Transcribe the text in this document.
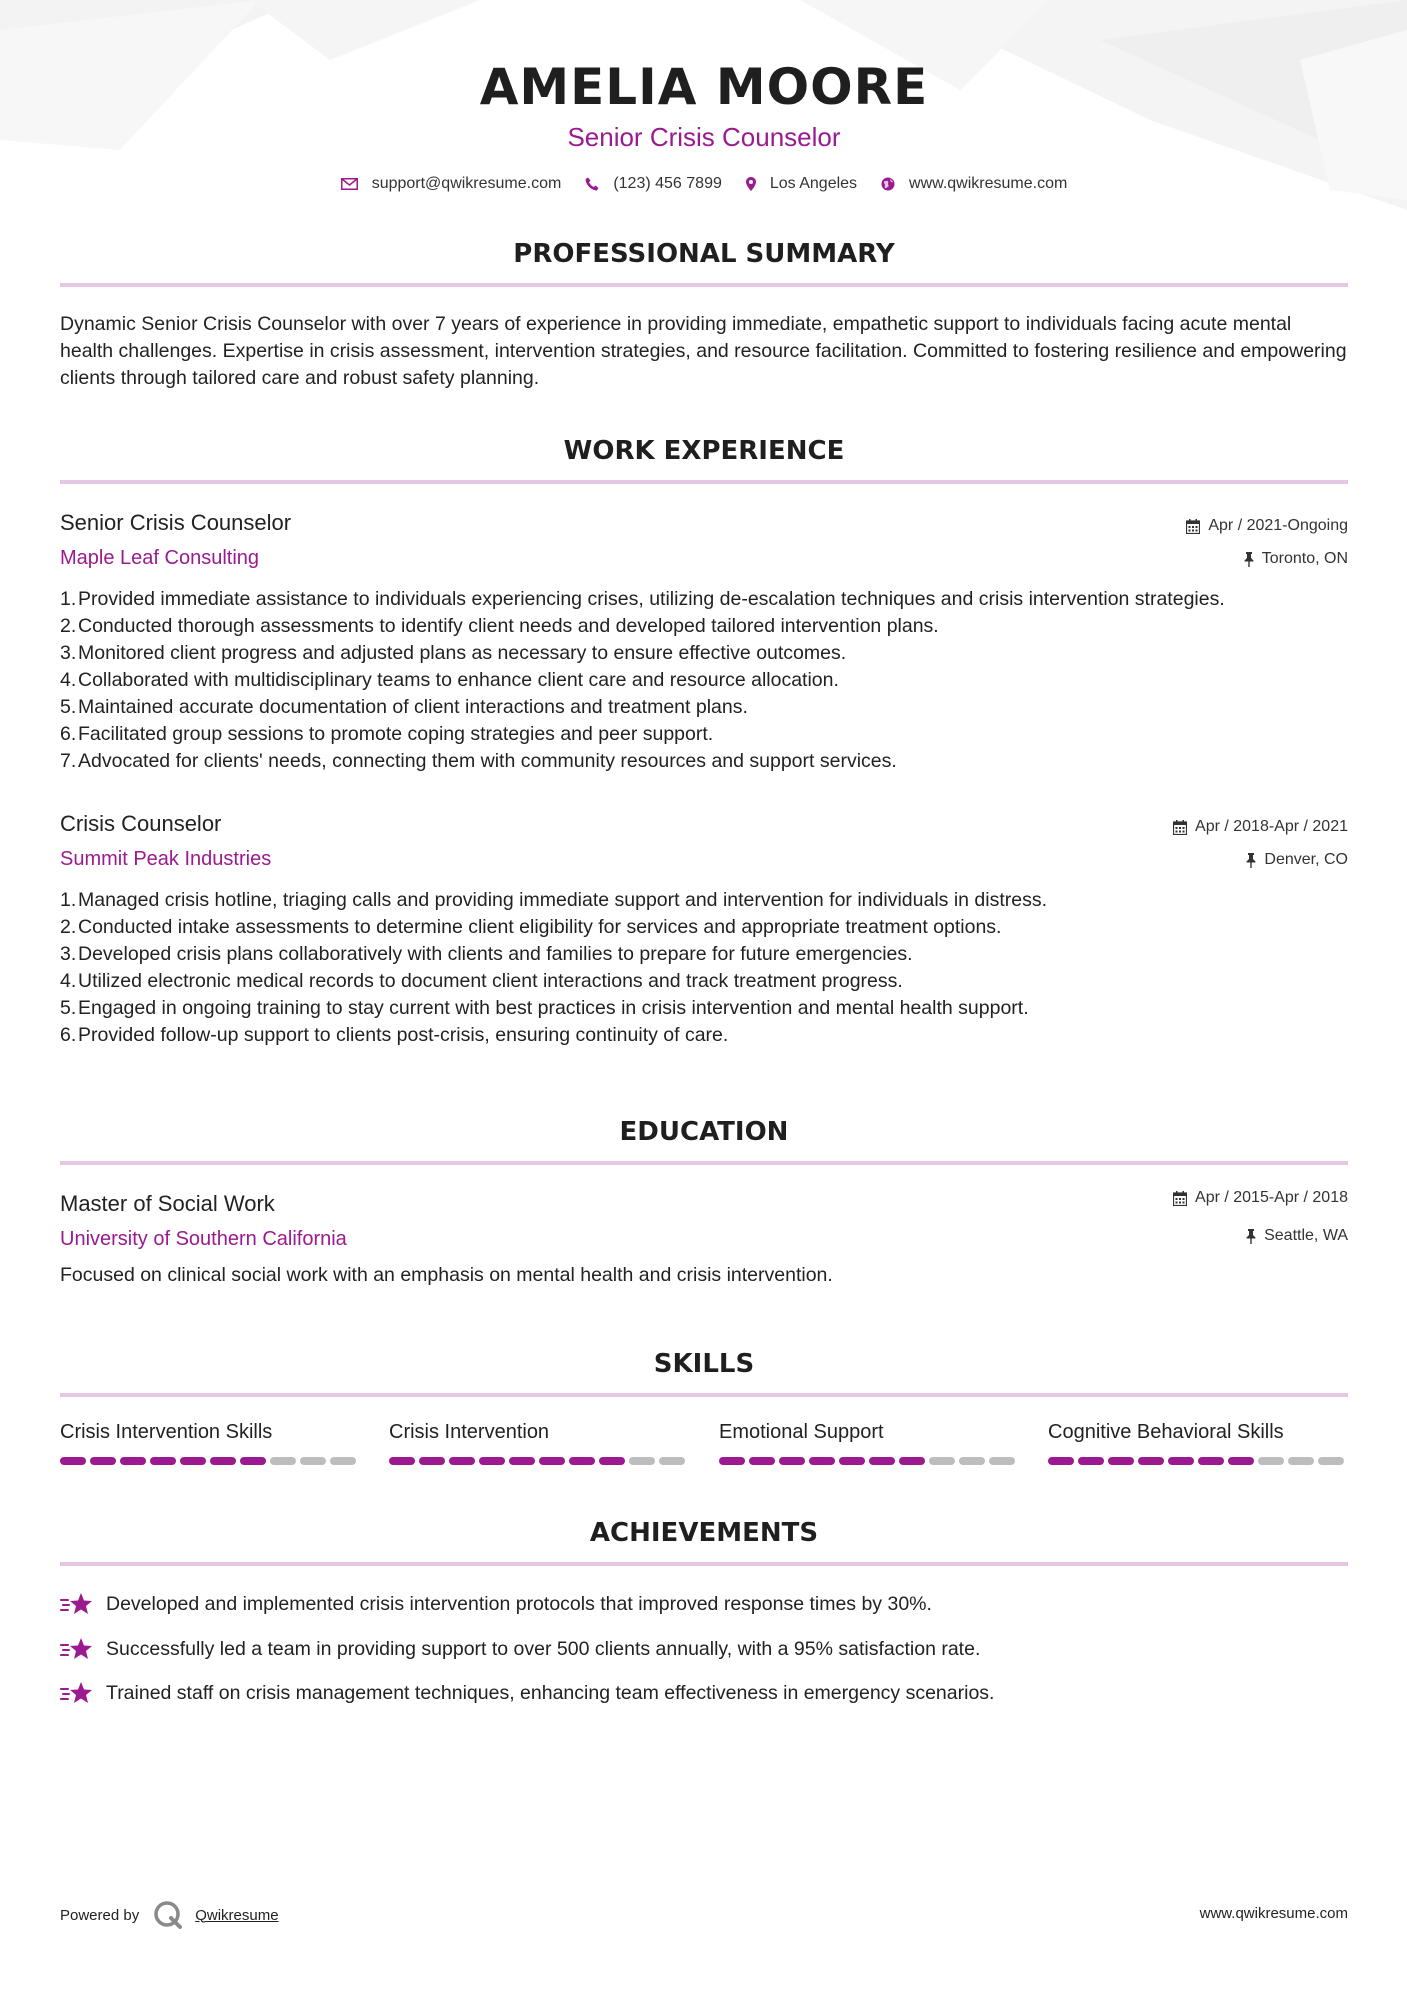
AMELIA MOORE
Senior Crisis Counselor
support@qwikresume.com	(123) 456 7899	Los Angeles	www.qwikresume.com
PROFESSIONAL SUMMARY
Dynamic Senior Crisis Counselor with over 7 years of experience in providing immediate, empathetic support to individuals facing acute mental health challenges. Expertise in crisis assessment, intervention strategies, and resource facilitation. Committed to fostering resilience and empowering clients through tailored care and robust safety planning.
WORK EXPERIENCE
Senior Crisis Counselor
Maple Leaf Consulting
Apr / 2021-Ongoing
Toronto, ON
1. Provided immediate assistance to individuals experiencing crises, utilizing de-escalation techniques and crisis intervention strategies.
2. Conducted thorough assessments to identify client needs and developed tailored intervention plans.
3. Monitored client progress and adjusted plans as necessary to ensure effective outcomes.
4. Collaborated with multidisciplinary teams to enhance client care and resource allocation.
5. Maintained accurate documentation of client interactions and treatment plans.
6. Facilitated group sessions to promote coping strategies and peer support.
7. Advocated for clients' needs, connecting them with community resources and support services.
Crisis Counselor
Summit Peak Industries
Apr / 2018-Apr / 2021
Denver, CO
1. Managed crisis hotline, triaging calls and providing immediate support and intervention for individuals in distress.
2. Conducted intake assessments to determine client eligibility for services and appropriate treatment options.
3. Developed crisis plans collaboratively with clients and families to prepare for future emergencies.
4. Utilized electronic medical records to document client interactions and track treatment progress.
5. Engaged in ongoing training to stay current with best practices in crisis intervention and mental health support.
6. Provided follow-up support to clients post-crisis, ensuring continuity of care.
EDUCATION
Master of Social Work
University of Southern California
Apr / 2015-Apr / 2018
Seattle, WA
Focused on clinical social work with an emphasis on mental health and crisis intervention.
SKILLS
Crisis Intervention Skills	Crisis Intervention	Emotional Support	Cognitive Behavioral Skills
ACHIEVEMENTS
Developed and implemented crisis intervention protocols that improved response times by 30%.
Successfully led a team in providing support to over 500 clients annually, with a 95% satisfaction rate.
Trained staff on crisis management techniques, enhancing team effectiveness in emergency scenarios.
Powered by	Qwikresume	www.qwikresume.com
